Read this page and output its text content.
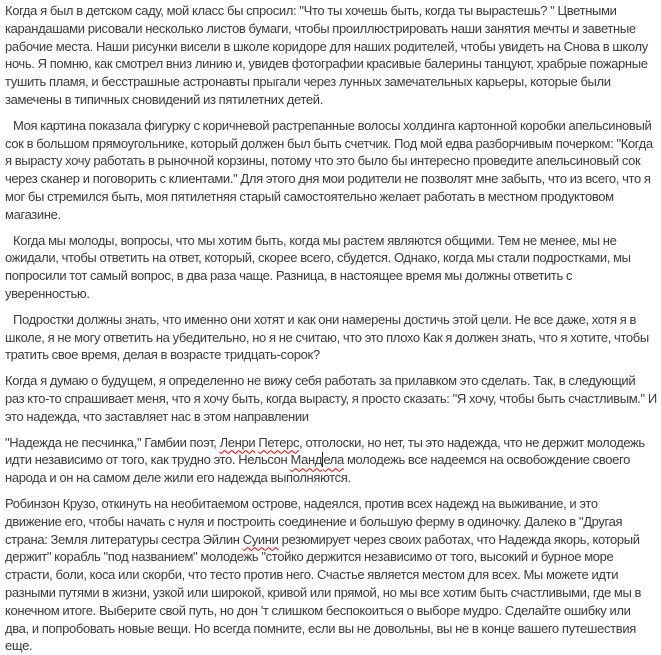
Когда я был в детском саду, мой класс бы спросил: "Что ты хочешь быть, когда ты вырастешь? " Цветными карандашами рисовали несколько листов бумаги, чтобы проиллюстрировать наши занятия мечты и заветные рабочие места. Наши рисунки висели в школе коридоре для наших родителей, чтобы увидеть на Снова в школу ночь. Я помню, как смотрел вниз линию и, увидев фотографии красивые балерины танцуют, храбрые пожарные тушить пламя, и бесстрашные астронавты прыгали через лунных замечательных карьеры, которые были замечены в типичных сновидений из пятилетних детей.

Моя картина показала фигурку с коричневой растрепанные волосы холдинга картонной коробки апельсиновый сок в большом прямоугольнике, который должен был быть счетчик. Под мой едва разборчивым почерком: "Когда я вырасту хочу работать в рыночной корзины, потому что это было бы интересно проведите апельсиновый сок через сканер и поговорить с клиентами." Для этого дня мои родители не позволят мне забыть, что из всего, что я мог бы стремился быть, моя пятилетняя старый самостоятельно желает работать в местном продуктовом магазине.

Когда мы молоды, вопросы, что мы хотим быть, когда мы растем являются общими. Тем не менее, мы не ожидали, чтобы ответить на ответ, который, скорее всего, сбудется. Однако, когда мы стали подростками, мы попросили тот самый вопрос, в два раза чаще. Разница, в настоящее время мы должны ответить с уверенностью.

Подростки должны знать, что именно они хотят и как они намерены достичь этой цели. Не все даже, хотя я в школе, я не могу ответить на убедительно, но я не считаю, что это плохо Как я должен знать, что я хотите, чтобы тратить свое время, делая в возрасте тридцать-сорок?

Когда я думаю о будущем, я определенно не вижу себя работать за прилавком это сделать. Так, в следующий раз кто-то спрашивает меня, что я хочу быть, когда вырасту, я просто сказать: "Я хочу, чтобы быть счастливым." И это надежда, что заставляет нас в этом направлении

"Надежда не песчинка," Гамбии поэт, Ленри Петерс, отголоски, но нет, ты это надежда, что не держит молодежь идти независимо от того, как трудно это. Нельсон Мандела молодежь все надеемся на освобождение своего народа и он на самом деле жили его надежда выполняются.

Робинзон Крузо, откинуть на необитаемом острове, надеялся, против всех надежд на выживание, и это движение его, чтобы начать с нуля и построить соединение и большую ферму в одиночку. Далеко в "Другая страна: Земля литературы сестра Эйлин Суини резюмирует через своих работах, что Надежда якорь, который держит" корабль "под названием" молодежь "стойко держится независимо от того, высокий и бурное море страсти, боли, коса или скорби, что тесто против него. Счастье является местом для всех. Мы можете идти разными путями в жизни, узкой или широкой, кривой или прямой, но мы все хотим быть счастливыми, где мы в конечном итоге. Выберите свой путь, но дон 'т слишком беспокоиться о выборе мудро. Сделайте ошибку или два, и попробовать новые вещи. Но всегда помните, если вы не довольны, вы не в конце вашего путешествия еще.
